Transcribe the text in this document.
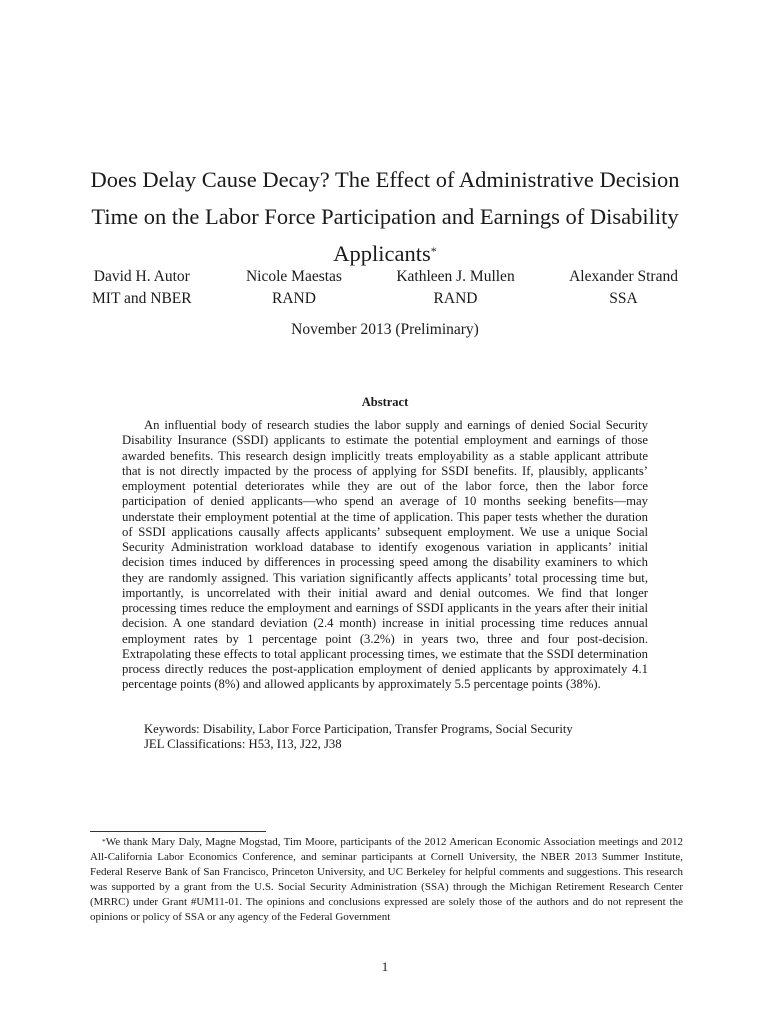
Does Delay Cause Decay? The Effect of Administrative Decision Time on the Labor Force Participation and Earnings of Disability Applicants*
David H. Autor
MIT and NBER
Nicole Maestas
RAND
Kathleen J. Mullen
RAND
Alexander Strand
SSA
November 2013 (Preliminary)
Abstract

An influential body of research studies the labor supply and earnings of denied Social Security Disability Insurance (SSDI) applicants to estimate the potential employment and earnings of those awarded benefits. This research design implicitly treats employability as a stable applicant attribute that is not directly impacted by the process of applying for SSDI benefits. If, plausibly, applicants’ employment potential deteriorates while they are out of the labor force, then the labor force participation of denied applicants—who spend an average of 10 months seeking benefits—may understate their employment potential at the time of application. This paper tests whether the duration of SSDI applications causally affects applicants’ subsequent employment. We use a unique Social Security Administration workload database to identify exogenous variation in applicants’ initial decision times induced by differences in processing speed among the disability examiners to which they are randomly assigned. This variation significantly affects applicants’ total processing time but, importantly, is uncorrelated with their initial award and denial outcomes. We find that longer processing times reduce the employment and earnings of SSDI applicants in the years after their initial decision. A one standard deviation (2.4 month) increase in initial processing time reduces annual employment rates by 1 percentage point (3.2%) in years two, three and four post-decision. Extrapolating these effects to total applicant processing times, we estimate that the SSDI determination process directly reduces the post-application employment of denied applicants by approximately 4.1 percentage points (8%) and allowed applicants by approximately 5.5 percentage points (38%).

Keywords: Disability, Labor Force Participation, Transfer Programs, Social Security
JEL Classifications: H53, I13, J22, J38

*We thank Mary Daly, Magne Mogstad, Tim Moore, participants of the 2012 American Economic Association meetings and 2012 All-California Labor Economics Conference, and seminar participants at Cornell University, the NBER 2013 Summer Institute, Federal Reserve Bank of San Francisco, Princeton University, and UC Berkeley for helpful comments and suggestions. This research was supported by a grant from the U.S. Social Security Administration (SSA) through the Michigan Retirement Research Center (MRRC) under Grant #UM11-01. The opinions and conclusions expressed are solely those of the authors and do not represent the opinions or policy of SSA or any agency of the Federal Government

1
